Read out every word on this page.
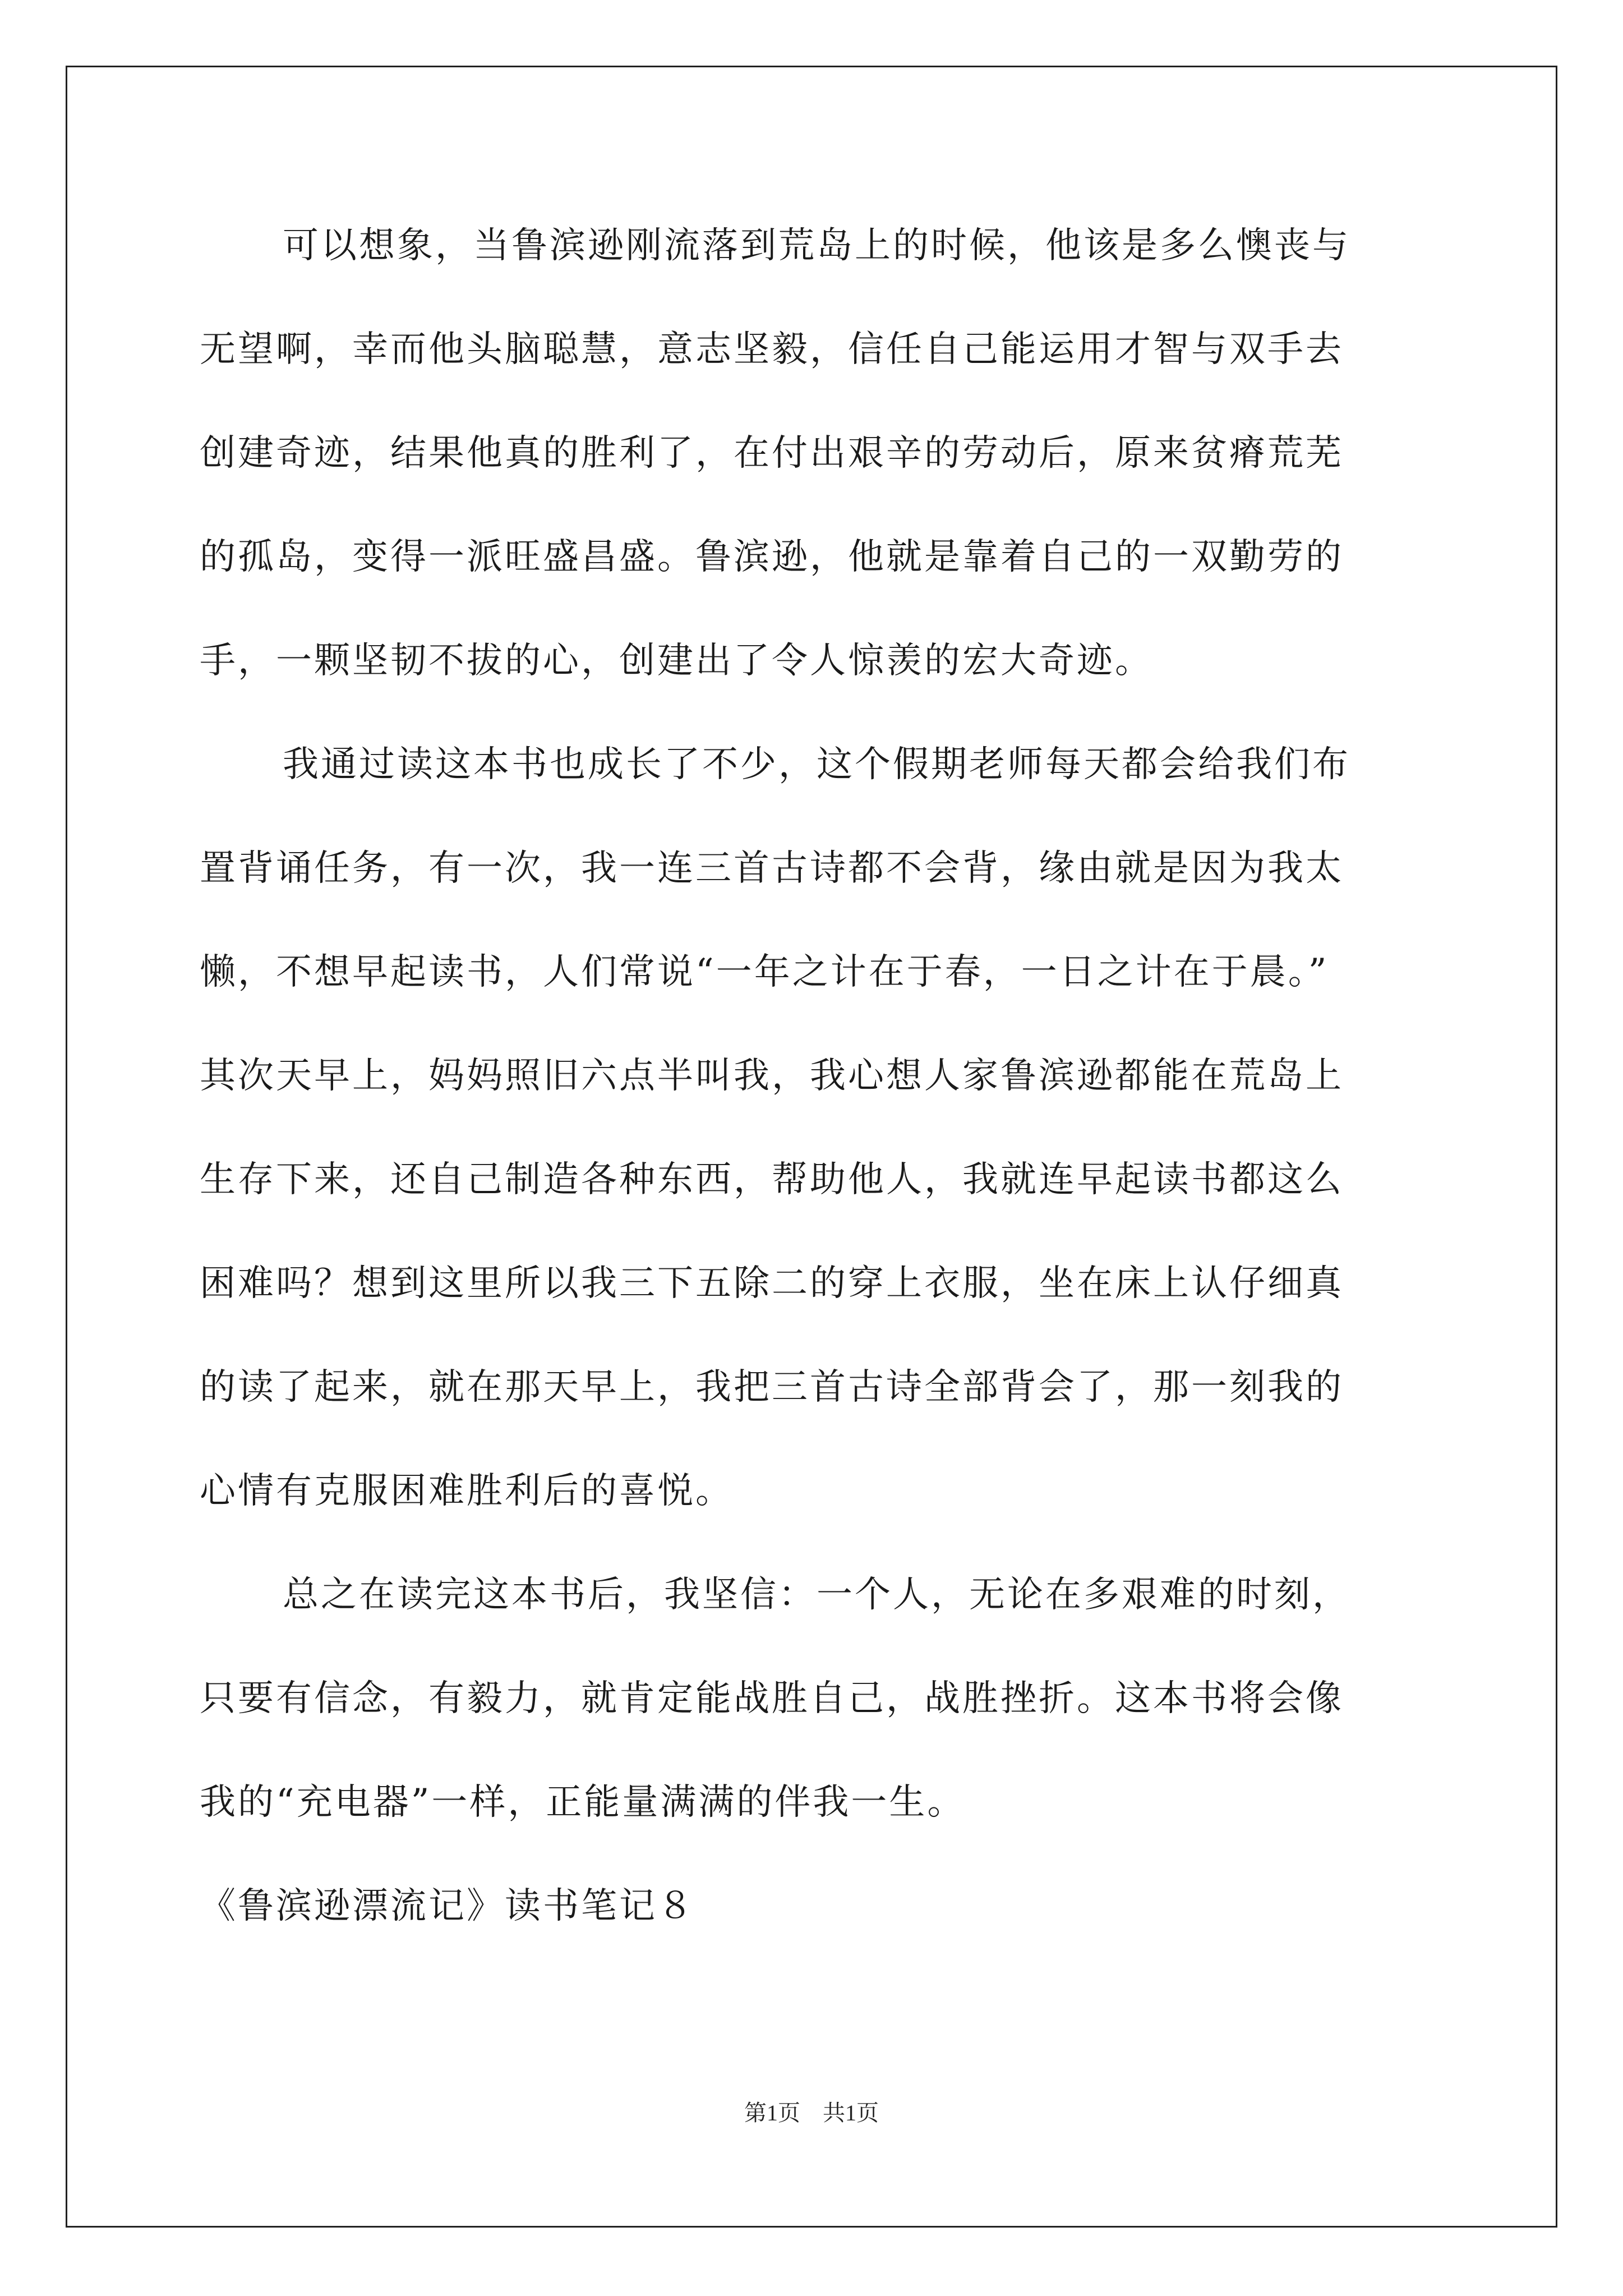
可以想象，当鲁滨逊刚流落到荒岛上的时候，他该是多么懊丧与
无望啊，幸而他头脑聪慧，意志坚毅，信任自己能运用才智与双手去
创建奇迹，结果他真的胜利了，在付出艰辛的劳动后，原来贫瘠荒芜
的孤岛，变得一派旺盛昌盛。鲁滨逊，他就是靠着自己的一双勤劳的
手，一颗坚韧不拔的心，创建出了令人惊羡的宏大奇迹。
我通过读这本书也成长了不少，这个假期老师每天都会给我们布
置背诵任务，有一次，我一连三首古诗都不会背，缘由就是因为我太
懒，不想早起读书，人们常说“一年之计在于春，一日之计在于晨。”
其次天早上，妈妈照旧六点半叫我，我心想人家鲁滨逊都能在荒岛上
生存下来，还自己制造各种东西，帮助他人，我就连早起读书都这么
困难吗？想到这里所以我三下五除二的穿上衣服，坐在床上认仔细真
的读了起来，就在那天早上，我把三首古诗全部背会了，那一刻我的
心情有克服困难胜利后的喜悦。
总之在读完这本书后，我坚信：一个人，无论在多艰难的时刻，
只要有信念，有毅力，就肯定能战胜自己，战胜挫折。这本书将会像
我的“充电器”一样，正能量满满的伴我一生。
《鲁滨逊漂流记》读书笔记８
第1页　共1页
